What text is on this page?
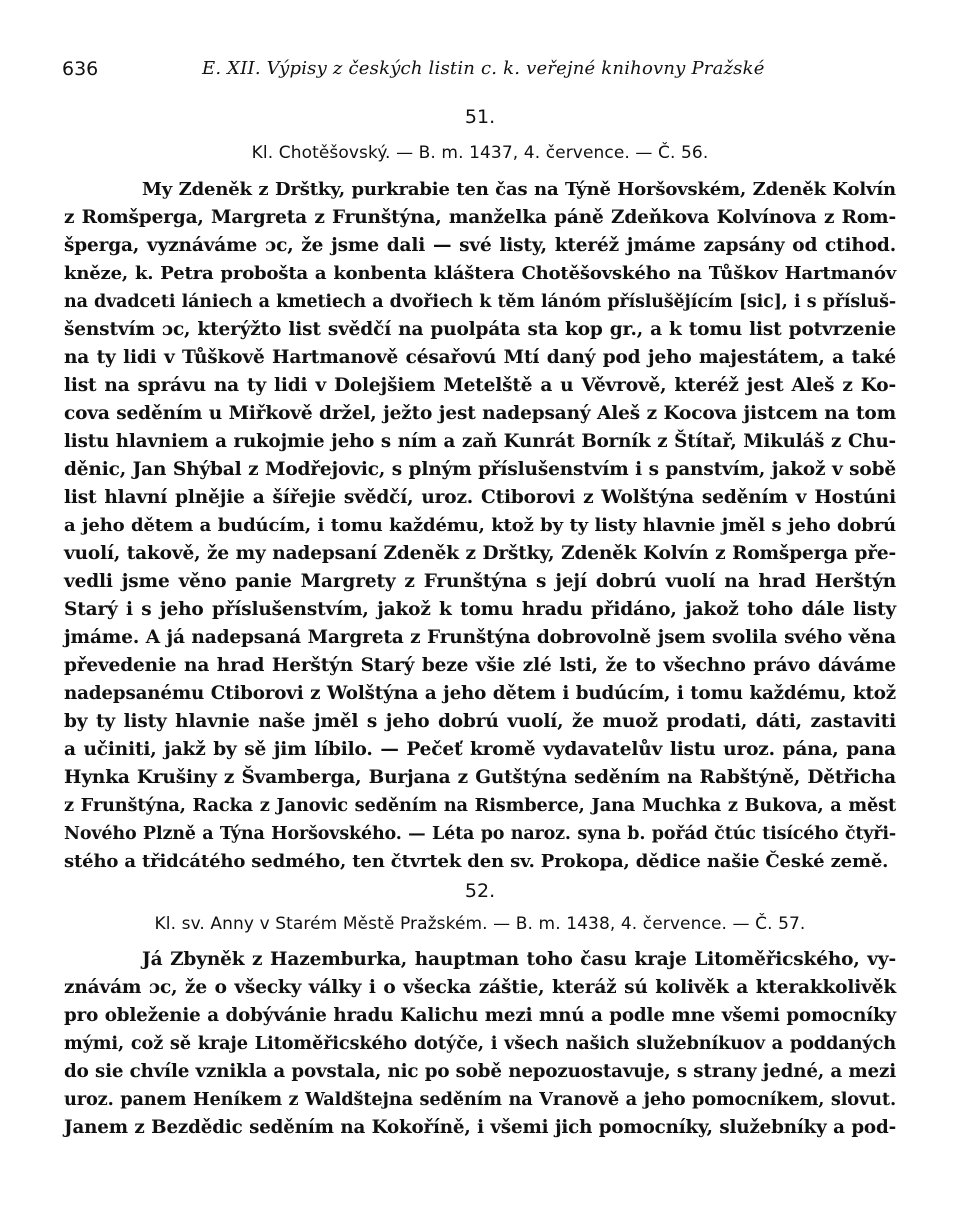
636	E. XII. Výpisy z českých listin c. k. veřejné knihovny Pražské
51.
Kl. Chotěšovský. — B. m. 1437, 4. července. — Č. 56.
My Zdeněk z Drštky, purkrabie ten čas na Týně Horšovském, Zdeněk Kolvín
z Romšperga, Margreta z Frunštýna, manželka páně Zdeňkova Kolvínova z Rom-
šperga, vyznáváme ɔc, že jsme dali — své listy, kteréž jmáme zapsány od ctihod.
kněze, k. Petra proboštа a konbenta kláštera Chotěšovského na Tůškov Hartmanóv
na dvadceti lániech a kmetiech a dvořiech k těm lánóm příslušějícím [sic], i s přísluš-
šenstvím ɔc, kterýžto list svědčí na puolpáta sta kop gr., a k tomu list potvrzenie
na ty lidi v Tůškově Hartmanově césařovú Mtí daný pod jeho majestátem, a také
list na správu na ty lidi v Dolejšiem Metelště a u Věvrově, kteréž jest Aleš z Ko-
cova seděním u Miřkově držel, ježto jest nadepsaný Aleš z Kocova jistcem na tom
listu hlavniem a rukojmie jeho s ním a zaň Kunrát Borník z Štítař, Mikuláš z Chu-
děnic, Jan Shýbal z Modřejovic, s plným příslušenstvím i s panstvím, jakož v sobě
list hlavní plnějie a šířejie svědčí, uroz. Ctiborovi z Wolštýna seděním v Hostúni
a jeho dětem a budúcím, i tomu každému, ktož by ty listy hlavnie jměl s jeho dobrú
vuolí, takově, že my nadepsaní Zdeněk z Drštky, Zdeněk Kolvín z Romšperga pře-
vedli jsme věno panie Margrety z Frunštýna s její dobrú vuolí na hrad Herštýn
Starý i s jeho příslušenstvím, jakož k tomu hradu přidáno, jakož toho dále listy
jmáme. A já nadepsaná Margreta z Frunštýna dobrovolně jsem svolila svého věna
převedenie na hrad Herštýn Starý beze všie zlé lsti, že to všechno právo dáváme
nadepsanému Ctiborovi z Wolštýna a jeho dětem i budúcím, i tomu každému, ktož
by ty listy hlavnie naše jměl s jeho dobrú vuolí, že muož prodati, dáti, zastaviti
a učiniti, jakž by sě jim líbilo. — Pečeť kromě vydavatelův listu uroz. pána, pana
Hynka Krušiny z Švamberga, Burjana z Gutštýna seděním na Rabštýně, Dětřicha
z Frunštýna, Racka z Janovic seděním na Rismberce, Jana Muchka z Bukova, a měst
Nového Plzně a Týna Horšovského. — Léta po naroz. syna b. pořád čtúc tisícého čtyři-
stého a třidcátého sedmého, ten čtvrtek den sv. Prokopa, dědice našie České země.
52.
Kl. sv. Anny v Starém Městě Pražském. — B. m. 1438, 4. července. — Č. 57.
Já Zbyněk z Hazemburka, hauptman toho času kraje Litoměřicského, vy-
znávám ɔc, že o všecky války i o všecka záštie, kteráž sú kolivěk a kterakkolivěk
pro obleženie a dobývánie hradu Kalichu mezi mnú a podle mne všemi pomocníky
mými, což sě kraje Litoměřicského dotýče, i všech našich služebníkuov a poddaných
do sie chvíle vznikla a povstala, nic po sobě nepozuostavuje, s strany jedné, a mezi
uroz. panem Heníkem z Waldštejna seděním na Vranově a jeho pomocníkem, slovut.
Janem z Bezdědic seděním na Kokoříně, i všemi jich pomocníky, služebníky a pod-
